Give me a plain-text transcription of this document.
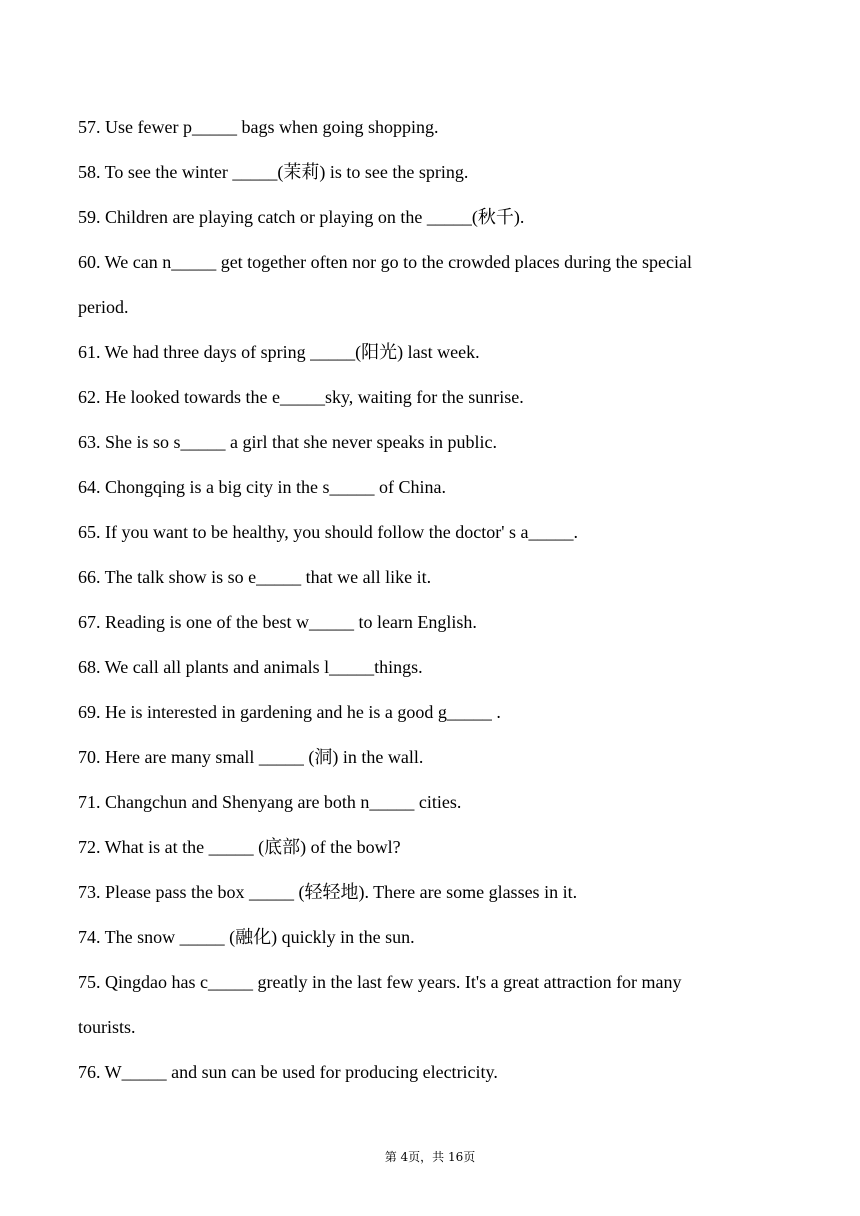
57. Use fewer p_____ bags when going shopping.
58. To see the winter _____(茉莉) is to see the spring.
59. Children are playing catch or playing on the _____(秋千).
60. We can n_____ get together often nor go to the crowded places during the special
period.
61. We had three days of spring _____(阳光) last week.
62. He looked towards the e_____sky, waiting for the sunrise.
63. She is so s_____ a girl that she never speaks in public.
64. Chongqing is a big city in the s_____ of China.
65. If you want to be healthy, you should follow the doctor' s a_____.
66. The talk show is so e_____ that we all like it.
67. Reading is one of the best w_____ to learn English.
68. We call all plants and animals l_____things.
69. He is interested in gardening and he is a good g_____ .
70. Here are many small _____ (洞) in the wall.
71. Changchun and Shenyang are both n_____ cities.
72. What is at the _____ (底部) of the bowl?
73. Please pass the box _____ (轻轻地). There are some glasses in it.
74. The snow _____ (融化) quickly in the sun.
75. Qingdao has c_____ greatly in the last few years. It's a great attraction for many
tourists.
76. W_____ and sun can be used for producing electricity.
第 4页，共 16页
